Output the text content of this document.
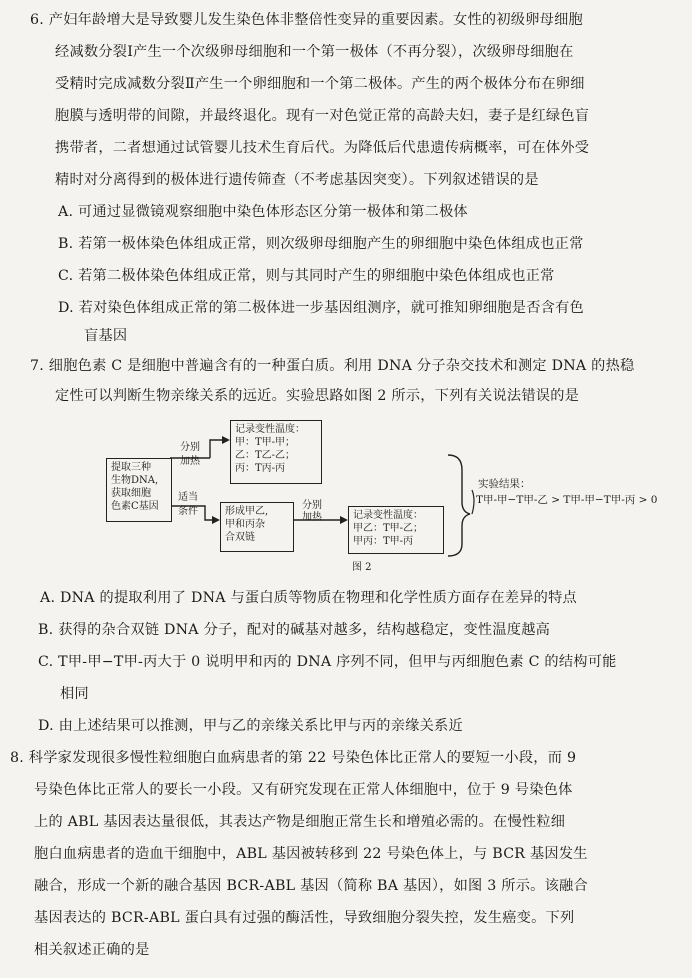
6. 产妇年龄增大是导致婴儿发生染色体非整倍性变异的重要因素。女性的初级卵母细胞
经减数分裂Ⅰ产生一个次级卵母细胞和一个第一极体（不再分裂），次级卵母细胞在
受精时完成减数分裂Ⅱ产生一个卵细胞和一个第二极体。产生的两个极体分布在卵细
胞膜与透明带的间隙，并最终退化。现有一对色觉正常的高龄夫妇，妻子是红绿色盲
携带者，二者想通过试管婴儿技术生育后代。为降低后代患遗传病概率，可在体外受
精时对分离得到的极体进行遗传筛查（不考虑基因突变）。下列叙述错误的是
A. 可通过显微镜观察细胞中染色体形态区分第一极体和第二极体
B. 若第一极体染色体组成正常，则次级卵母细胞产生的卵细胞中染色体组成也正常
C. 若第二极体染色体组成正常，则与其同时产生的卵细胞中染色体组成也正常
D. 若对染色体组成正常的第二极体进一步基因组测序，就可推知卵细胞是否含有色
盲基因
7. 细胞色素 C 是细胞中普遍含有的一种蛋白质。利用 DNA 分子杂交技术和测定 DNA 的热稳
定性可以判断生物亲缘关系的远近。实验思路如图 2 所示，下列有关说法错误的是
提取三种
生物DNA,
获取细胞
色素C基因
分别
加热
记录变性温度：
甲：T甲-甲；
乙：T乙-乙；
丙：T丙-丙
适当
条件	形成甲乙,
甲和丙杂
合双链
分别
加热	记录变性温度：
甲乙：T甲-乙；
甲丙：T甲-丙
实验结果：
T甲-甲−T甲-乙 > T甲-甲−T甲-丙 > 0
图 2
A. DNA 的提取利用了 DNA 与蛋白质等物质在物理和化学性质方面存在差异的特点
B. 获得的杂合双链 DNA 分子，配对的碱基对越多，结构越稳定，变性温度越高
C. T甲-甲−T甲-丙大于 0 说明甲和丙的 DNA 序列不同，但甲与丙细胞色素 C 的结构可能
相同
D. 由上述结果可以推测，甲与乙的亲缘关系比甲与丙的亲缘关系近
8. 科学家发现很多慢性粒细胞白血病患者的第 22 号染色体比正常人的要短一小段，而 9
号染色体比正常人的要长一小段。又有研究发现在正常人体细胞中，位于 9 号染色体
上的 ABL 基因表达量很低，其表达产物是细胞正常生长和增殖必需的。在慢性粒细
胞白血病患者的造血干细胞中，ABL 基因被转移到 22 号染色体上，与 BCR 基因发生
融合，形成一个新的融合基因 BCR-ABL 基因（简称 BA 基因），如图 3 所示。该融合
基因表达的 BCR-ABL 蛋白具有过强的酶活性，导致细胞分裂失控，发生癌变。下列
相关叙述正确的是
